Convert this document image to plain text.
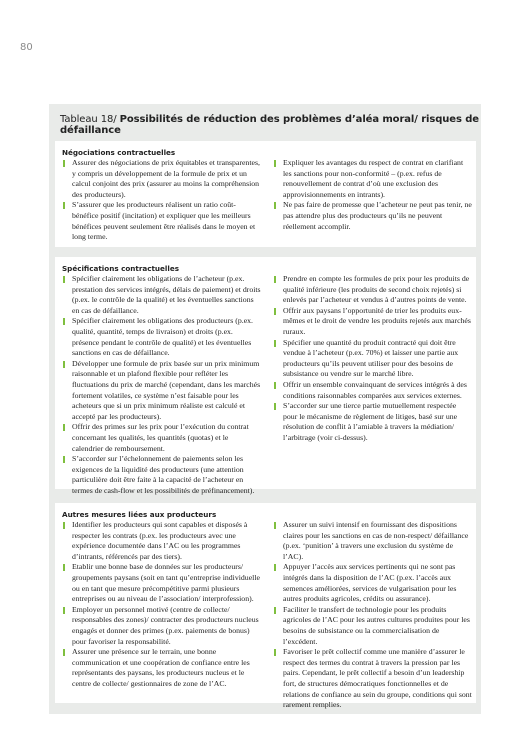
80
Tableau 18/ Possibilités de réduction des problèmes d’aléa moral/ risques de défaillance
Négociations contractuelles
Assurer des négociations de prix équitables et transparentes, y compris un développement de la formule de prix et un calcul conjoint des prix (assurer au moins la compréhension des producteurs).
S’assurer que les producteurs réalisent un ratio coût-bénéfice positif (incitation) et expliquer que les meilleurs bénéfices peuvent seulement être réalisés dans le moyen et long terme.
Expliquer les avantages du respect de contrat en clarifiant les sanctions pour non-conformité – (p.ex. refus de renouvellement de contrat d’où une exclusion des approvisionnements en intrants).
Ne pas faire de promesse que l’acheteur ne peut pas tenir, ne pas attendre plus des producteurs qu’ils ne peuvent réellement accomplir.
Spécifications contractuelles
Spécifier clairement les obligations de l’acheteur (p.ex. prestation des services intégrés, délais de paiement) et droits (p.ex. le contrôle de la qualité) et les éventuelles sanctions en cas de défaillance.
Spécifier clairement les obligations des producteurs (p.ex. qualité, quantité, temps de livraison) et droits (p.ex. présence pendant le contrôle de qualité) et les éventuelles sanctions en cas de défaillance.
Développer une formule de prix basée sur un prix minimum raisonnable et un plafond flexible pour refléter les fluctuations du prix de marché (cependant, dans les marchés fortement volatiles, ce système n’est faisable pour les acheteurs que si un prix minimum réaliste est calculé et accepté par les producteurs).
Offrir des primes sur les prix pour l’exécution du contrat concernant les qualités, les quantités (quotas) et le calendrier de remboursement.
S’accorder sur l’échelonnement de paiements selon les exigences de la liquidité des producteurs (une attention particulière doit être faite à la capacité de l’acheteur en termes de cash-flow et les possibilités de préfinancement).
Prendre en compte les formules de prix pour les produits de qualité inférieure (les produits de second choix rejetés) si enlevés par l’acheteur et vendus à d’autres points de vente.
Offrir aux paysans l’opportunité de trier les produits eux-mêmes et le droit de vendre les produits rejetés aux marchés ruraux.
Spécifier une quantité du produit contracté qui doit être vendue à l’acheteur (p.ex. 70%) et laisser une partie aux producteurs qu’ils peuvent utiliser pour des besoins de subsistance ou vendre sur le marché libre.
Offrir un ensemble convainquant de services intégrés à des conditions raisonnables comparées aux services externes.
S’accorder sur une tierce partie mutuellement respectée pour le mécanisme de règlement de litiges, basé sur une résolution de conflit à l’amiable à travers la médiation/ l’arbitrage (voir ci-dessus).
Autres mesures liées aux producteurs
Identifier les producteurs qui sont capables et disposés à respecter les contrats (p.ex. les producteurs avec une expérience documentée dans l’AC ou les programmes d’intrants, référencés par des tiers).
Etablir une bonne base de données sur les producteurs/ groupements paysans (soit en tant qu’entreprise individuelle ou en tant que mesure précompétitive parmi plusieurs entreprises ou au niveau de l’association/ interprofession).
Employer un personnel motivé (centre de collecte/ responsables des zones)/ contracter des producteurs nucleus engagés et donner des primes (p.ex. paiements de bonus) pour favoriser la responsabilité.
Assurer une présence sur le terrain, une bonne communication et une coopération de confiance entre les représentants des paysans, les producteurs nucleus et le centre de collecte/ gestionnaires de zone de l’AC.
Assurer un suivi intensif en fournissant des dispositions claires pour les sanctions en cas de non-respect/ défaillance (p.ex. ‘punition’ à travers une exclusion du système de l’AC).
Appuyer l’accès aux services pertinents qui ne sont pas intégrés dans la disposition de l’AC (p.ex. l’accès aux semences améliorées, services de vulgarisation pour les autres produits agricoles, crédits ou assurance).
Faciliter le transfert de technologie pour les produits agricoles de l’AC pour les autres cultures produites pour les besoins de subsistance ou la commercialisation de l’excédent.
Favoriser le prêt collectif comme une manière d’assurer le respect des termes du contrat à travers la pression par les pairs. Cependant, le prêt collectif a besoin d’un leadership fort, de structures démocratiques fonctionnelles et de relations de confiance au sein du groupe, conditions qui sont rarement remplies.
